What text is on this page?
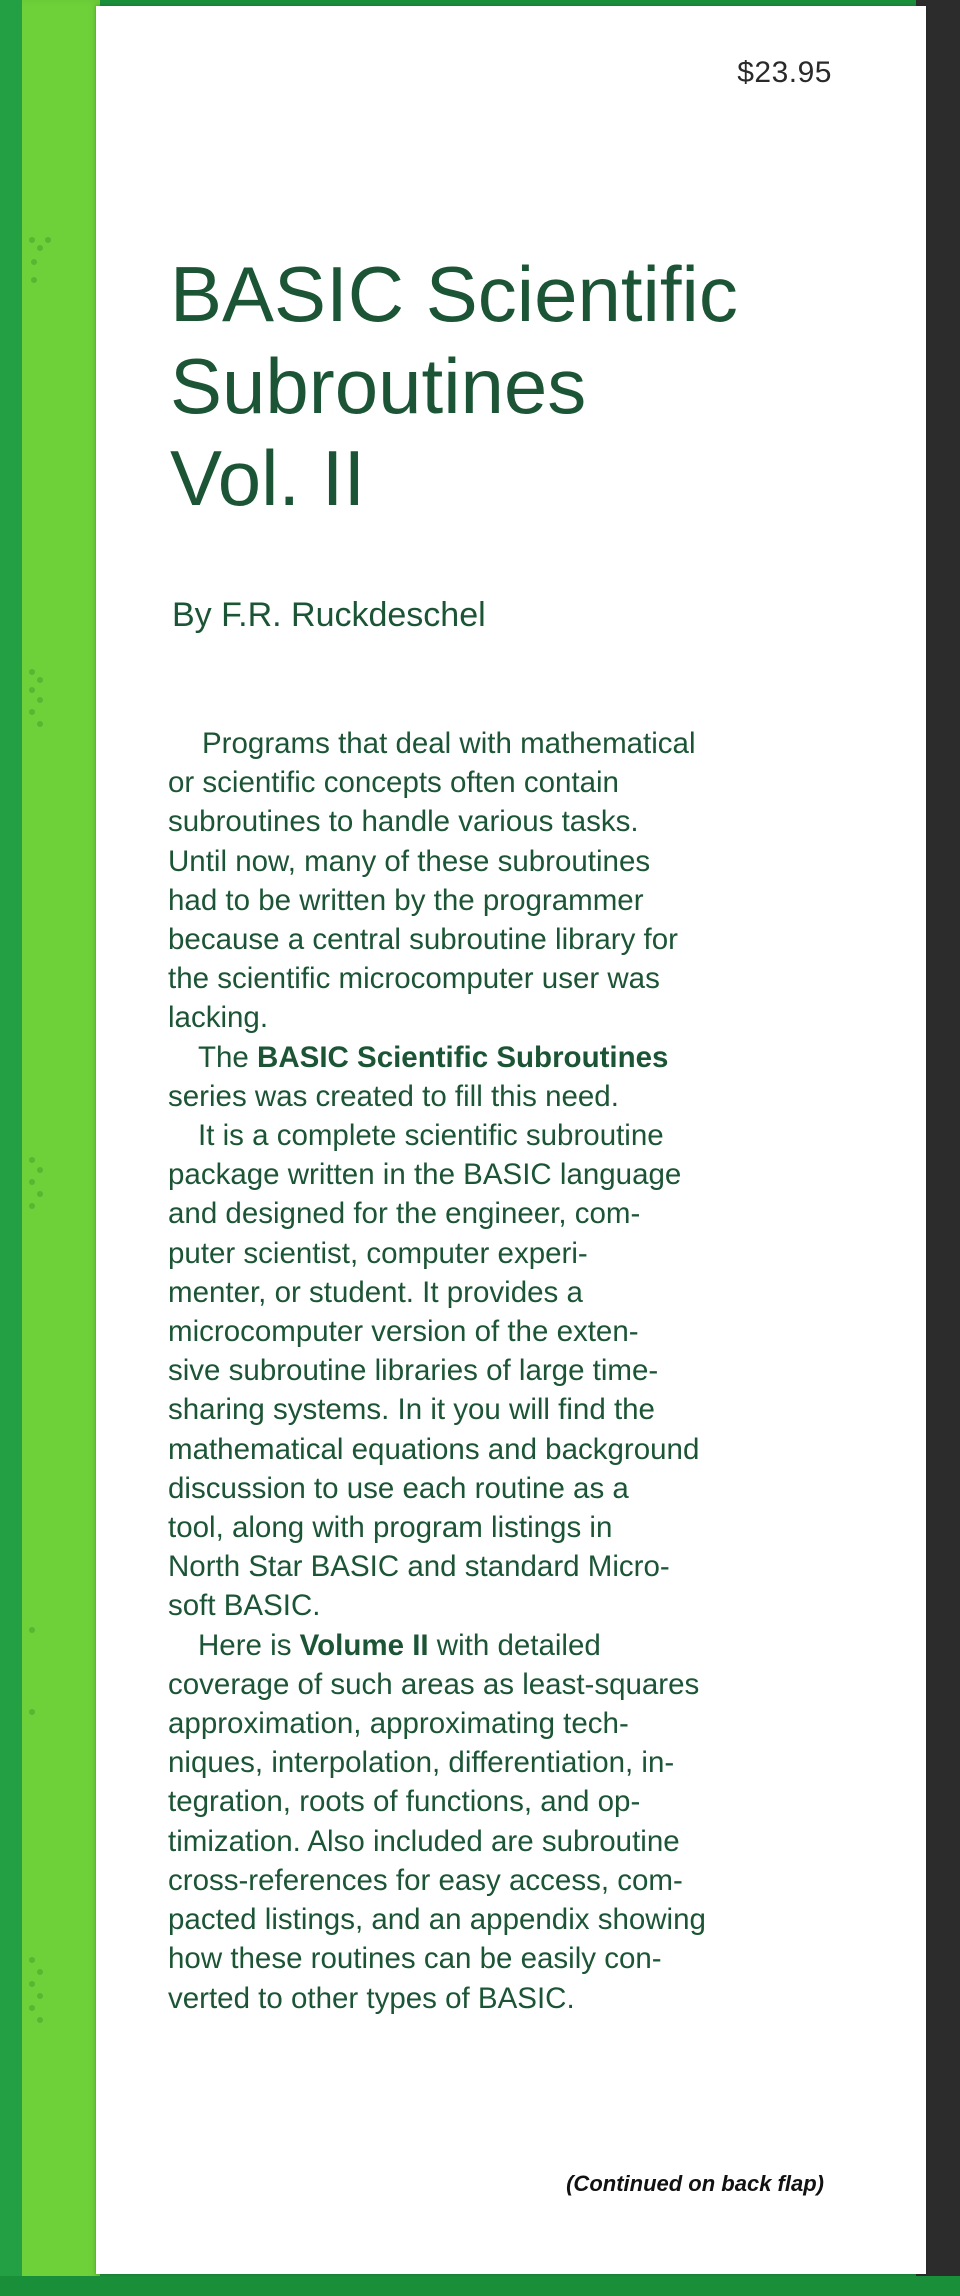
$23.95
BASIC Scientific
Subroutines
Vol. II
By F.R. Ruckdeschel
Programs that deal with mathematical
or scientific concepts often contain
subroutines to handle various tasks.
Until now, many of these subroutines
had to be written by the programmer
because a central subroutine library for
the scientific microcomputer user was
lacking.
The BASIC Scientific Subroutines
series was created to fill this need.
It is a complete scientific subroutine
package written in the BASIC language
and designed for the engineer, com-
puter scientist, computer experi-
menter, or student. It provides a
microcomputer version of the exten-
sive subroutine libraries of large time-
sharing systems. In it you will find the
mathematical equations and background
discussion to use each routine as a
tool, along with program listings in
North Star BASIC and standard Micro-
soft BASIC.
Here is Volume II with detailed
coverage of such areas as least-squares
approximation, approximating tech-
niques, interpolation, differentiation, in-
tegration, roots of functions, and op-
timization. Also included are subroutine
cross-references for easy access, com-
pacted listings, and an appendix showing
how these routines can be easily con-
verted to other types of BASIC.
(Continued on back flap)
